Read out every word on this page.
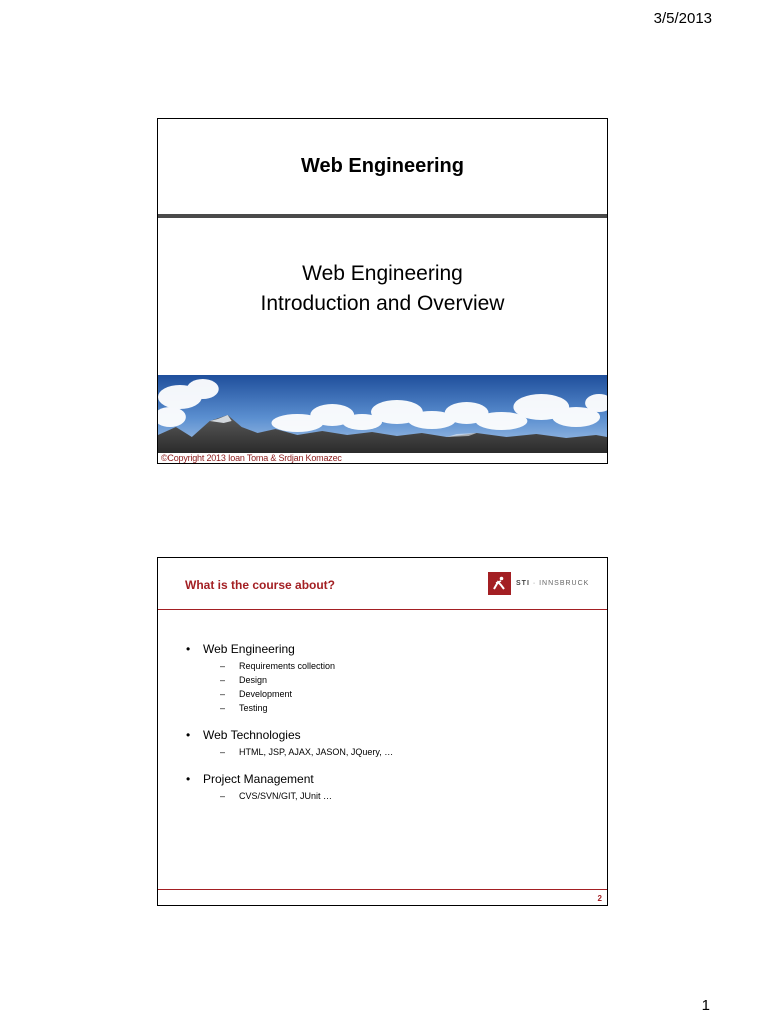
3/5/2013
Web Engineering
Web Engineering
Introduction and Overview
©Copyright 2013 Ioan Toma & Srdjan Komazec
What is the course about?	STI · INNSBRUCK
• Web Engineering
– Requirements collection
– Design
– Development
– Testing
• Web Technologies
– HTML, JSP, AJAX, JASON, JQuery, …
• Project Management
– CVS/SVN/GIT, JUnit …
2
1
